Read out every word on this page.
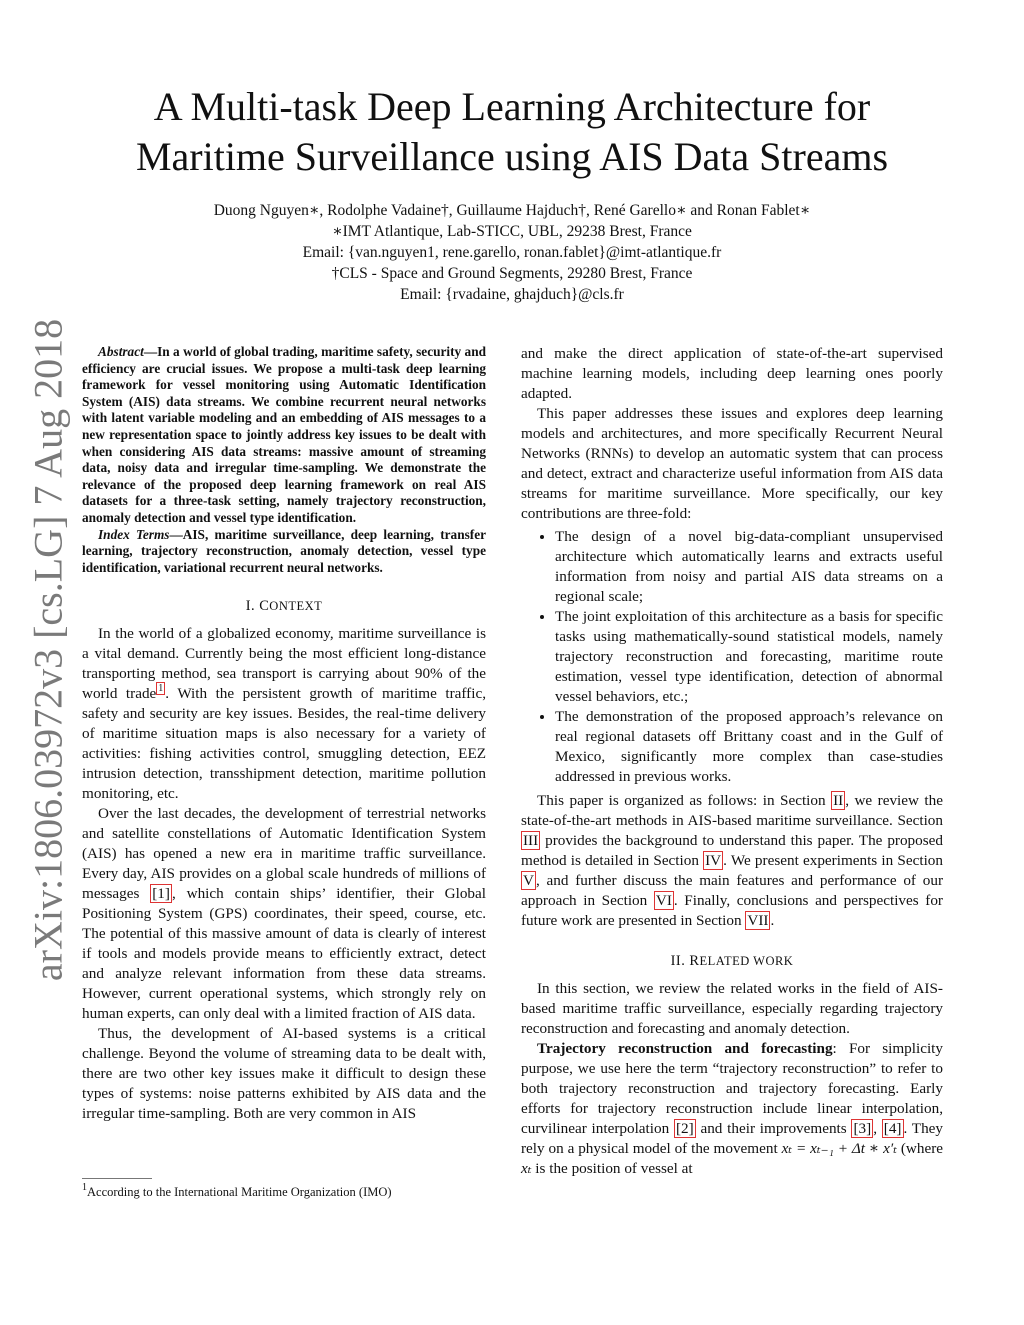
arXiv:1806.03972v3 [cs.LG] 7 Aug 2018
A Multi-task Deep Learning Architecture for
Maritime Surveillance using AIS Data Streams
Duong Nguyen∗, Rodolphe Vadaine†, Guillaume Hajduch†, René Garello∗ and Ronan Fablet∗
∗IMT Atlantique, Lab-STICC, UBL, 29238 Brest, France
Email: {van.nguyen1, rene.garello, ronan.fablet}@imt-atlantique.fr
†CLS - Space and Ground Segments, 29280 Brest, France
Email: {rvadaine, ghajduch}@cls.fr

Abstract—In a world of global trading, maritime safety, security and efficiency are crucial issues. We propose a multi-task deep learning framework for vessel monitoring using Automatic Identification System (AIS) data streams. We combine recurrent neural networks with latent variable modeling and an embedding of AIS messages to a new representation space to jointly address key issues to be dealt with when considering AIS data streams: massive amount of streaming data, noisy data and irregular time-sampling. We demonstrate the relevance of the proposed deep learning framework on real AIS datasets for a three-task setting, namely trajectory reconstruction, anomaly detection and vessel type identification.

Index Terms—AIS, maritime surveillance, deep learning, transfer learning, trajectory reconstruction, anomaly detection, vessel type identification, variational recurrent neural networks.

I. CONTEXT

In the world of a globalized economy, maritime surveillance is a vital demand. Currently being the most efficient long-distance transporting method, sea transport is carrying about 90% of the world trade $^1$ . With the persistent growth of maritime traffic, safety and security are key issues. Besides, the real-time delivery of maritime situation maps is also necessary for a variety of activities: fishing activities control, smuggling detection, EEZ intrusion detection, transshipment detection, maritime pollution monitoring, etc.

Over the last decades, the development of terrestrial networks and satellite constellations of Automatic Identification System (AIS) has opened a new era in maritime traffic surveillance. Every day, AIS provides on a global scale hundreds of millions of messages [1] , which contain ships’ identifier, their Global Positioning System (GPS) coordinates, their speed, course, etc. The potential of this massive amount of data is clearly of interest if tools and models provide means to efficiently extract, detect and analyze relevant information from these data streams. However, current operational systems, which strongly rely on human experts, can only deal with a limited fraction of AIS data.

Thus, the development of AI-based systems is a critical challenge. Beyond the volume of streaming data to be dealt with, there are two other key issues make it difficult to design these types of systems: noise patterns exhibited by AIS data and the irregular time-sampling. Both are very common in AIS

$^1$According to the International Maritime Organization (IMO)

and make the direct application of state-of-the-art supervised machine learning models, including deep learning ones poorly adapted.

This paper addresses these issues and explores deep learning models and architectures, and more specifically Recurrent Neural Networks (RNNs) to develop an automatic system that can process and detect, extract and characterize useful information from AIS data streams for maritime surveillance. More specifically, our key contributions are three-fold:

• The design of a novel big-data-compliant unsupervised architecture which automatically learns and extracts useful information from noisy and partial AIS data streams on a regional scale;
• The joint exploitation of this architecture as a basis for specific tasks using mathematically-sound statistical models, namely trajectory reconstruction and forecasting, maritime route estimation, vessel type identification, detection of abnormal vessel behaviors, etc.;
• The demonstration of the proposed approach’s relevance on real regional datasets off Brittany coast and in the Gulf of Mexico, significantly more complex than case-studies addressed in previous works.

This paper is organized as follows: in Section II , we review the state-of-the-art methods in AIS-based maritime surveillance. Section III provides the background to understand this paper. The proposed method is detailed in Section IV . We present experiments in Section V , and further discuss the main features and performance of our approach in Section VI . Finally, conclusions and perspectives for future work are presented in Section VII .

II. RELATED WORK

In this section, we review the related works in the field of AIS-based maritime traffic surveillance, especially regarding trajectory reconstruction and forecasting and anomaly detection.

Trajectory reconstruction and forecasting: For simplicity purpose, we use here the term “trajectory reconstruction” to refer to both trajectory reconstruction and trajectory forecasting. Early efforts for trajectory reconstruction include linear interpolation, curvilinear interpolation [2] and their improvements [3] , [4] . They rely on a physical model of the movement xₜ = xₜ₋₁ + Δt ∗ x′ₜ (where xₜ is the position of vessel at
